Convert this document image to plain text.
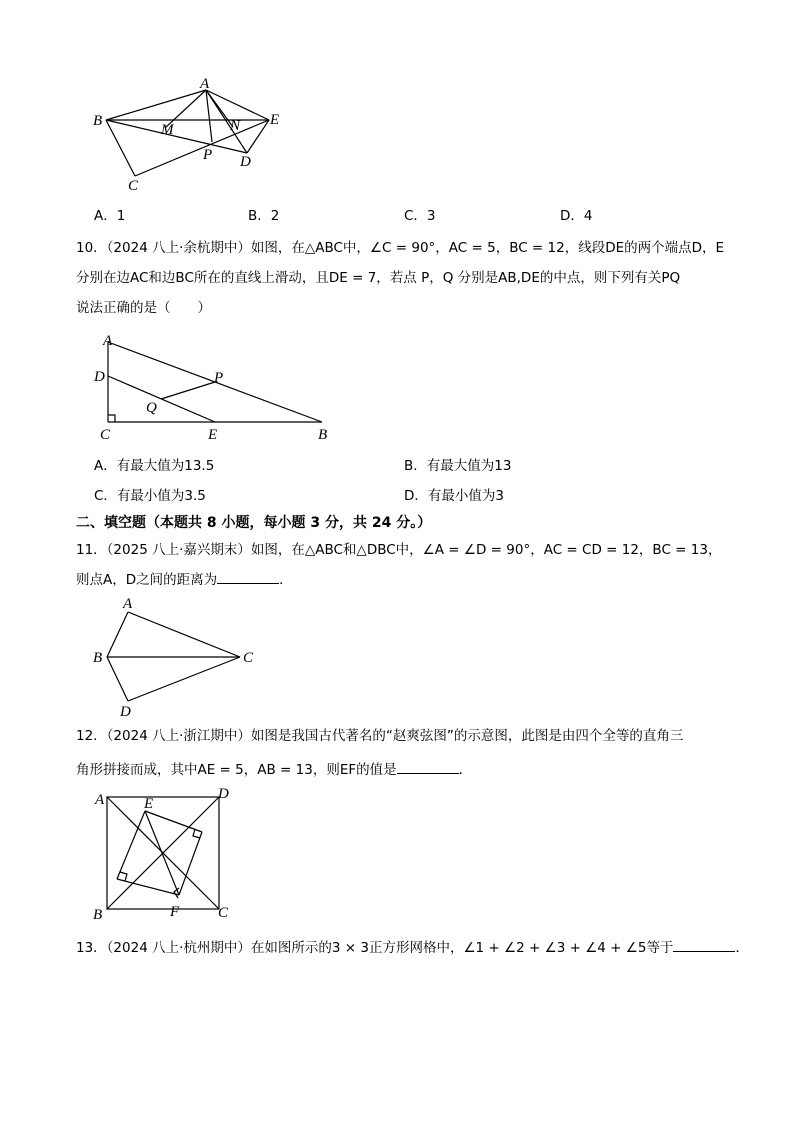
A
B
M	N E
P D
C
A．1	B．2	C．3	D．4
10．（2024 八上·余杭期中）如图，在△ABC中，∠C = 90°，AC = 5，BC = 12，线段DE的两个端点D，E
分别在边AC和边BC所在的直线上滑动，且DE = 7，若点 P，Q 分别是AB,DE的中点，则下列有关PQ
说法正确的是（　　）
A
D	P
Q
C	E	B
A．有最大值为13.5	B．有最大值为13
C．有最小值为3.5	D．有最小值为3
二、填空题（本题共 8 小题，每小题 3 分，共 24 分。）
11．（2025 八上·嘉兴期末）如图，在△ABC和△DBC中，∠A = ∠D = 90°，AC = CD = 12，BC = 13，
则点A，D之间的距离为	．
A
B	C
D
12．（2024 八上·浙江期中）如图是我国古代著名的“赵爽弦图”的示意图，此图是由四个全等的直角三
角形拼接而成，其中AE = 5，AB = 13，则EF的值是	．
A	E
D
B	F	C
13．（2024 八上·杭州期中）在如图所示的3 × 3正方形网格中，∠1 + ∠2 + ∠3 + ∠4 + ∠5等于	．
